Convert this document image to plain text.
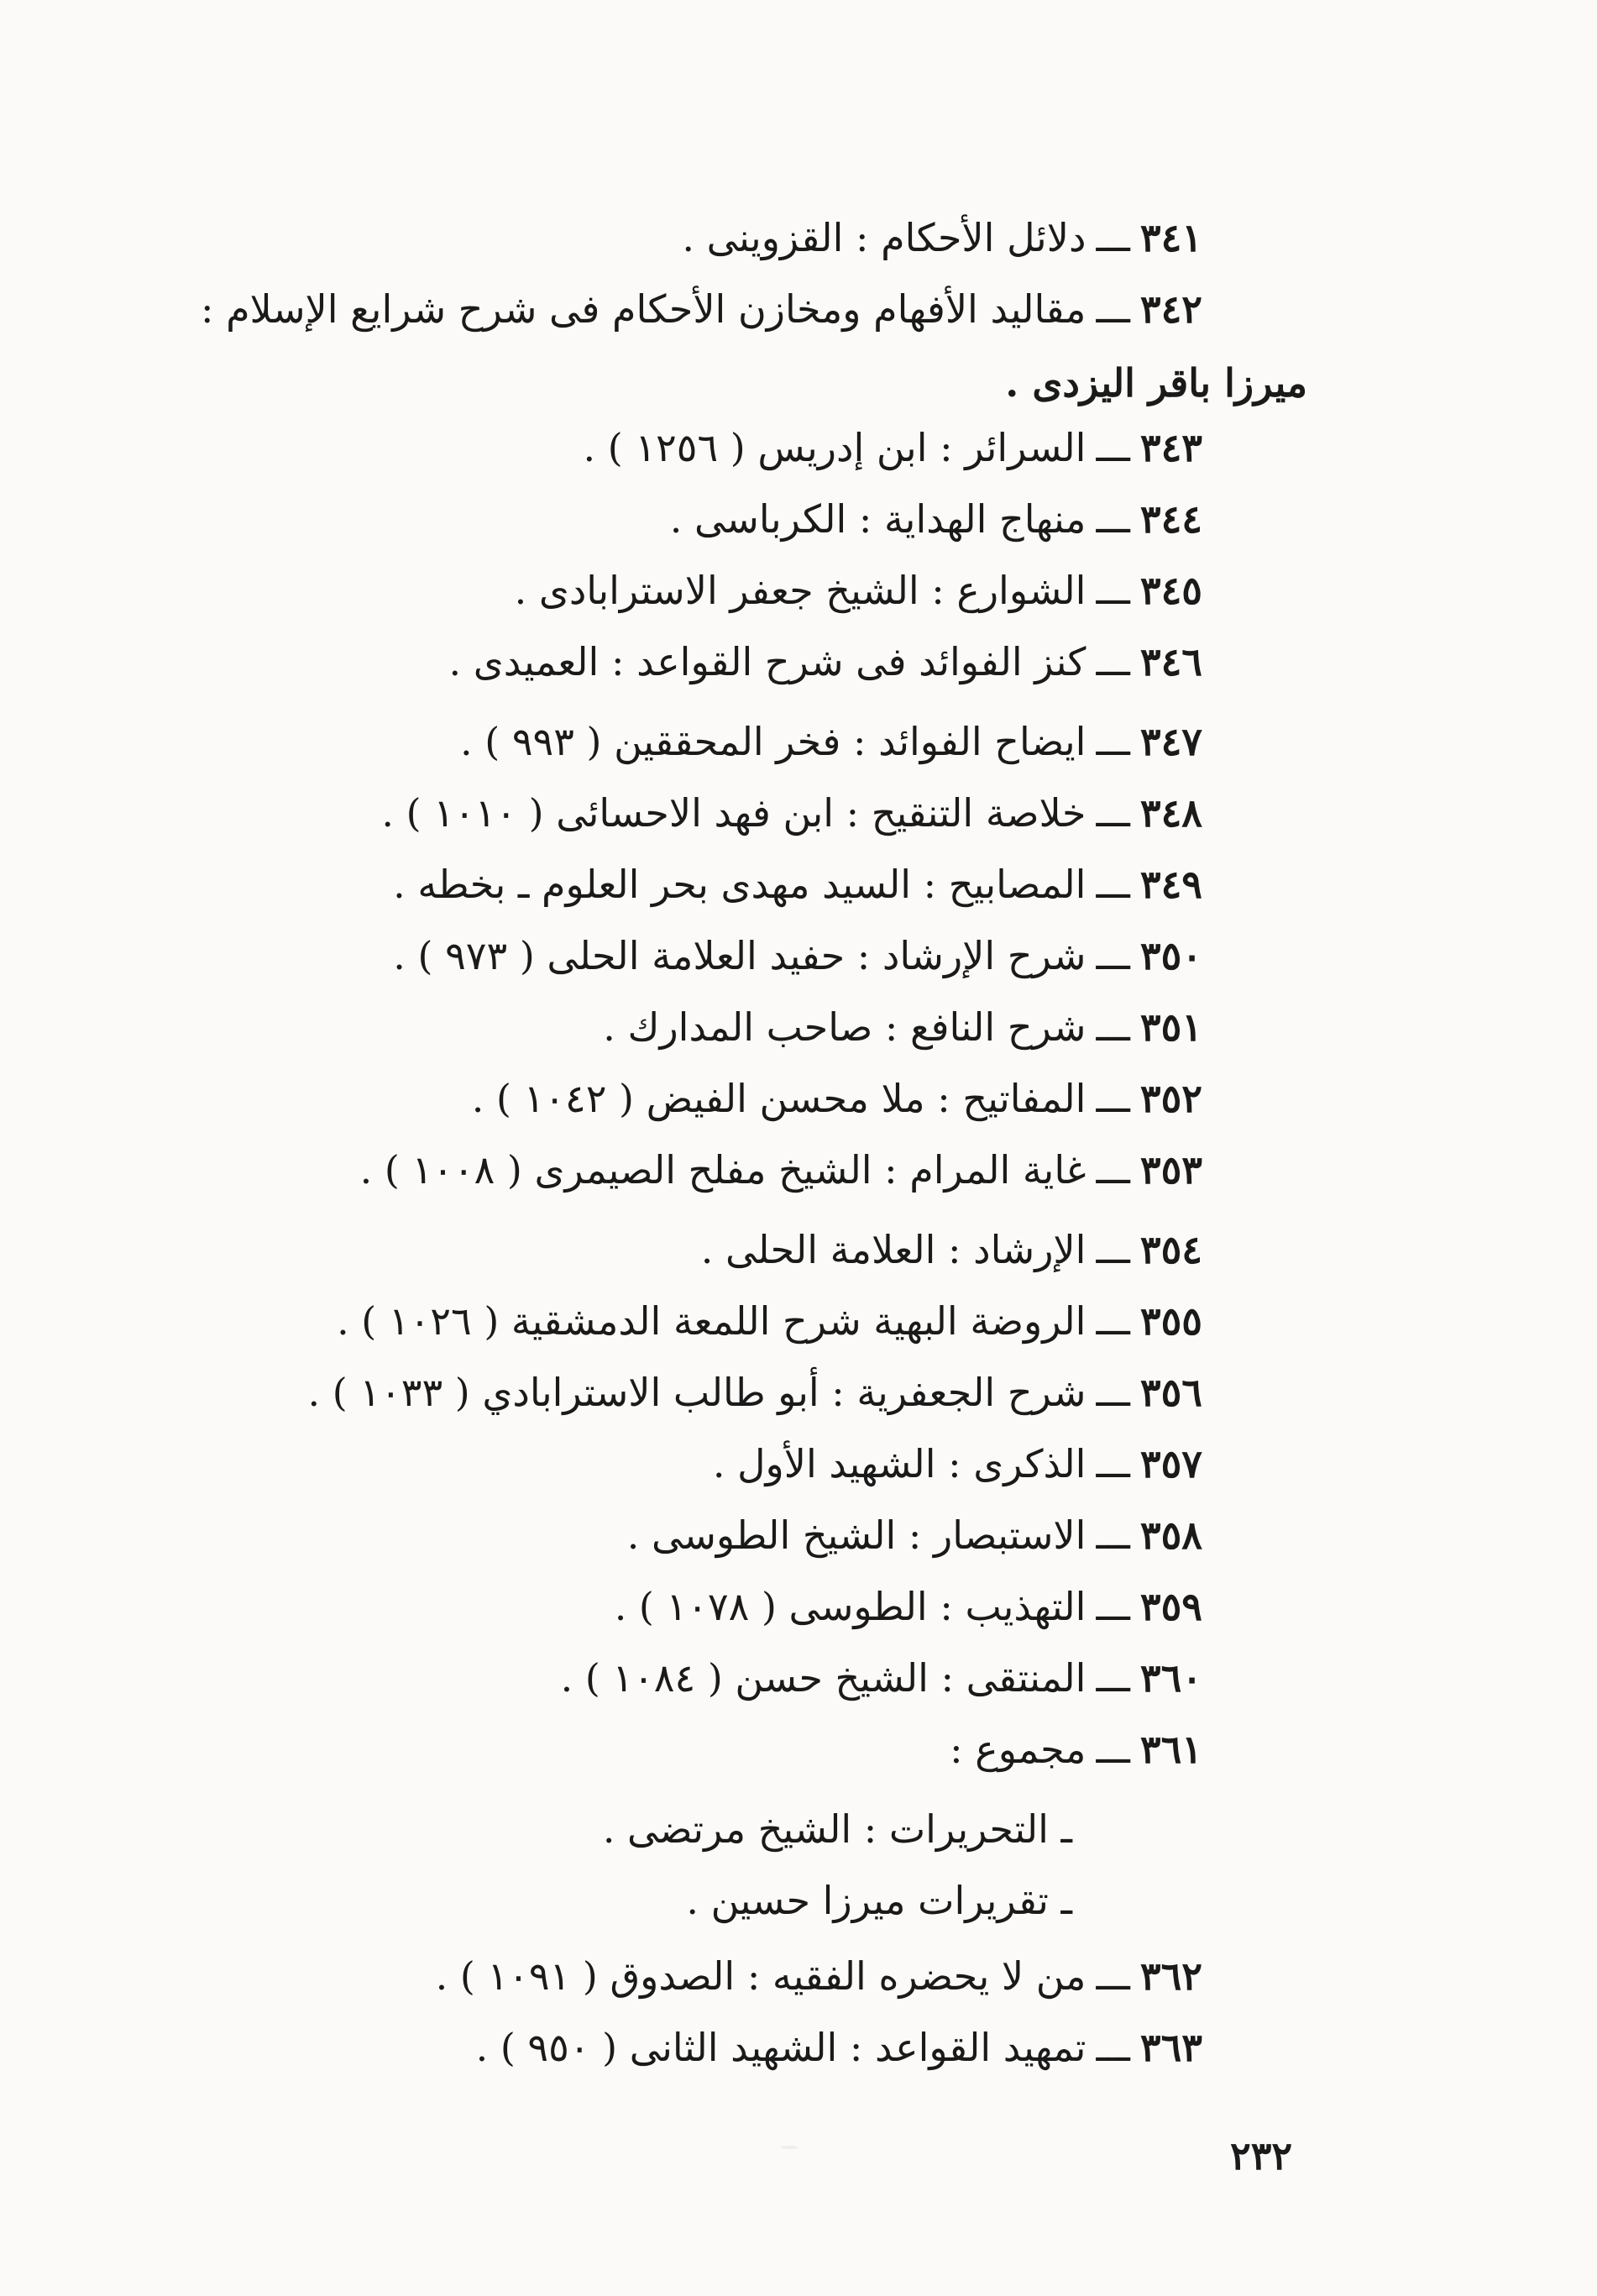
٣٤١ـــدلائل الأحكام : القزوينى .
٣٤٢ـــمقاليد الأفهام ومخازن الأحكام فى شرح شرايع الإسلام :
ميرزا باقر اليزدى .
٣٤٣ـــالسرائر : ابن إدريس ( ١٢٥٦ ) .
٣٤٤ـــمنهاج الهداية : الكرباسى .
٣٤٥ـــالشوارع : الشيخ جعفر الاسترابادى .
٣٤٦ـــكنز الفوائد فى شرح القواعد : العميدى .
٣٤٧ـــايضاح الفوائد : فخر المحققين ( ٩٩٣ ) .
٣٤٨ـــخلاصة التنقيح : ابن فهد الاحسائى ( ١٠١٠ ) .
٣٤٩ـــالمصابيح : السيد مهدى بحر العلوم ـ بخطه .
٣٥٠ـــشرح الإرشاد : حفيد العلامة الحلى ( ٩٧٣ ) .
٣٥١ـــشرح النافع : صاحب المدارك .
٣٥٢ـــالمفاتيح : ملا محسن الفيض ( ١٠٤٢ ) .
٣٥٣ـــغاية المرام : الشيخ مفلح الصيمرى ( ١٠٠٨ ) .
٣٥٤ـــالإرشاد : العلامة الحلى .
٣٥٥ـــالروضة البهية شرح اللمعة الدمشقية ( ١٠٢٦ ) .
٣٥٦ـــشرح الجعفرية : أبو طالب الاسترابادي ( ١٠٣٣ ) .
٣٥٧ـــالذكرى : الشهيد الأول .
٣٥٨ـــالاستبصار : الشيخ الطوسى .
٣٥٩ـــالتهذيب : الطوسى ( ١٠٧٨ ) .
٣٦٠ـــالمنتقى : الشيخ حسن ( ١٠٨٤ ) .
٣٦١ـــمجموع :
ـ التحريرات : الشيخ مرتضى .
ـ تقريرات ميرزا حسين .
٣٦٢ـــمن لا يحضره الفقيه : الصدوق ( ١٠٩١ ) .
٣٦٣ـــتمهيد القواعد : الشهيد الثانى ( ٩٥٠ ) .
٢٣٢
